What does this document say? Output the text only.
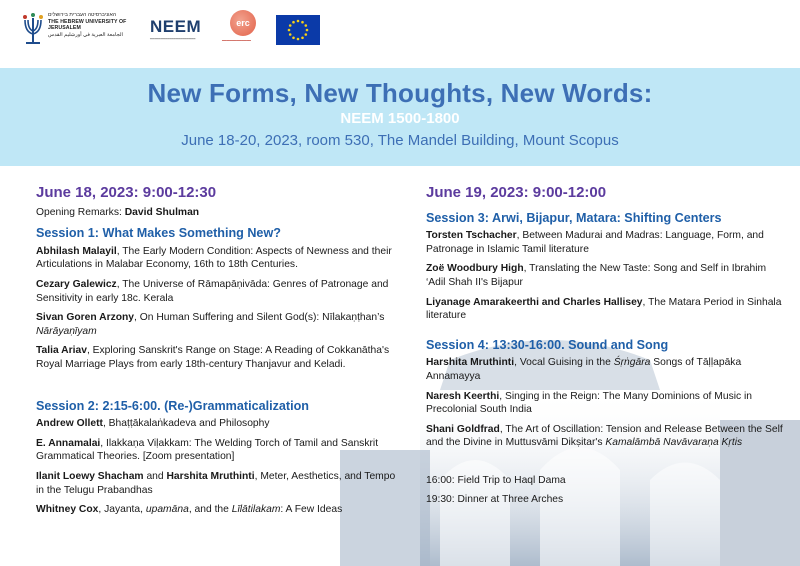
האוניברסיטה העברית בירושלים
THE HEBREW UNIVERSITY OF JERUSALEM
الجامعة العبرية في أورشليم القدس	NEEM
━━━━━━━━━━━━━━━━━━━━━
erc
━━━━━━━━━━━━
New Forms, New Thoughts, New Words:
NEEM 1500-1800
June 18-20, 2023, room 530, The Mandel Building, Mount Scopus
June 18, 2023: 9:00-12:30
Opening Remarks: David Shulman
Session 1: What Makes Something New?
Abhilash Malayil, The Early Modern Condition: Aspects of Newness and their Articulations in Malabar Economy, 16th to 18th Centuries.
Cezary Galewicz, The Universe of Rāmapāṇivāda: Genres of Patronage and Sensitivity in early 18c. Kerala
Sivan Goren Arzony, On Human Suffering and Silent God(s): Nīlakaṇṭhan’s Nārāyaṇīyam
Talia Ariav, Exploring Sanskrit's Range on Stage: A Reading of Cokkanātha's Royal Marriage Plays from early 18th-century Thanjavur and Keladi.
Session 2: 2:15-6:00. (Re-)Grammaticalization
Andrew Ollett, Bhaṭṭākalaṅkadeva and Philosophy
E. Annamalai, Ilakkaṇa Viḷakkam: The Welding Torch of Tamil and Sanskrit Grammatical Theories. [Zoom presentation]
Ilanit Loewy Shacham and Harshita Mruthinti, Meter, Aesthetics, and Tempo in the Telugu Prabandhas
Whitney Cox, Jayanta, upamāna, and the Līlātilakam: A Few Ideas
June 19, 2023: 9:00-12:00
Session 3: Arwi, Bijapur, Matara: Shifting Centers
Torsten Tschacher, Between Madurai and Madras: Language, Form, and Patronage in Islamic Tamil literature
Zoë Woodbury High, Translating the New Taste: Song and Self in Ibrahim ‘Adil Shah II's Bijapur
Liyanage Amarakeerthi and Charles Hallisey, The Matara Period in Sinhala literature
Session 4: 13:30-16:00. Sound and Song
Harshita Mruthinti, Vocal Guising in the Śṛṅgāra Songs of Tāḷḷapāka Annamayya
Naresh Keerthi, Singing in the Reign: The Many Dominions of Music in Precolonial South India
Shani Goldfrad, The Art of Oscillation: Tension and Release Between the Self and the Divine in Muttusvāmi Dikṣitar's Kamalāmbā Navāvaraṇa Kṛtis
16:00: Field Trip to Haql Dama
19:30: Dinner at Three Arches
